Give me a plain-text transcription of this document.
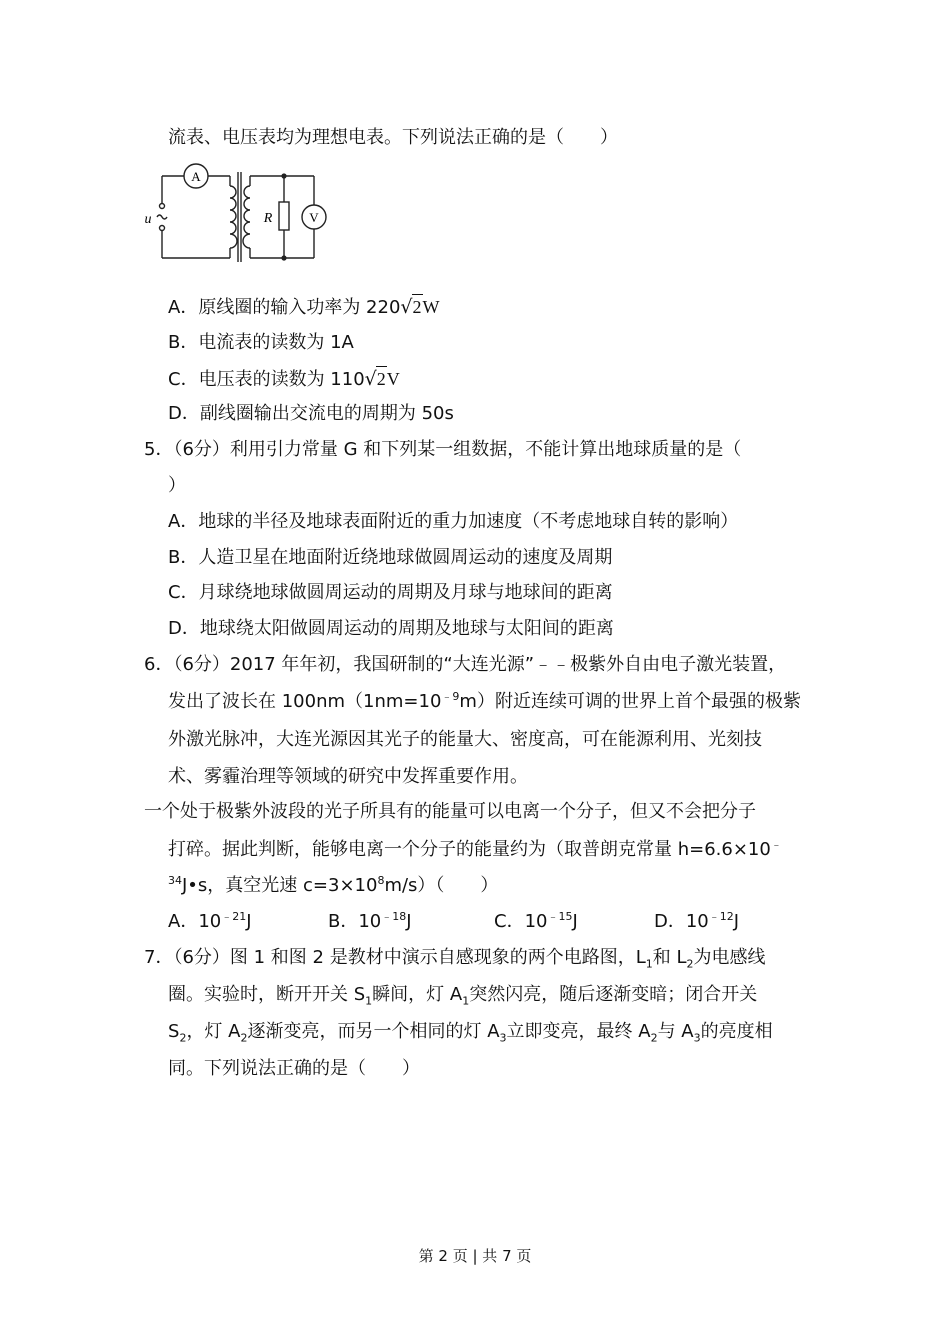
流表、电压表均为理想电表。下列说法正确的是（　　）
A
V
R
u
A．原线圈的输入功率为 220√2W
B．电流表的读数为 1A
C．电压表的读数为 110√2V
D．副线圈输出交流电的周期为 50s
5．（6分）利用引力常量 G 和下列某一组数据，不能计算出地球质量的是（
）
A．地球的半径及地球表面附近的重力加速度（不考虑地球自转的影响）
B．人造卫星在地面附近绕地球做圆周运动的速度及周期
C．月球绕地球做圆周运动的周期及月球与地球间的距离
D．地球绕太阳做圆周运动的周期及地球与太阳间的距离
6．（6分）2017 年年初，我国研制的“大连光源”﹣﹣极紫外自由电子激光装置，
发出了波长在 $100nm(1nm=10^{﹣9}m)$附近连续可调的世界上首个最强的极紫
外激光脉冲，大连光源因其光子的能量大、密度高，可在能源利用、光刻技
术、雾霾治理等领域的研究中发挥重要作用。
一个处于极紫外波段的光子所具有的能量可以电离一个分子，但又不会把分子
打碎。据此判断，能够电离一个分子的能量约为（取普朗克常量 h=6.6×10﹣
$^{34}$J•s，真空光速 $c=3\times 10^8m/s$）（　　）
A．$10^{﹣21}J$	B．$10^{﹣18}J$	C．$10^{﹣15}J$	D．$10^{﹣12}J$
7．（6分）图 1 和图 2 是教材中演示自感现象的两个电路图，$L_1$和 $L_2$为电感线
圈。实验时，断开开关 $S_1$瞬间，灯 $A_1$突然闪亮，随后逐渐变暗；闭合开关
$S_2$，灯 $A_2$逐渐变亮，而另一个相同的灯 $A_3$立即变亮，最终 $A_2$与 $A_3$的亮度相
同。下列说法正确的是（　　）
第 2 页 | 共 7 页
